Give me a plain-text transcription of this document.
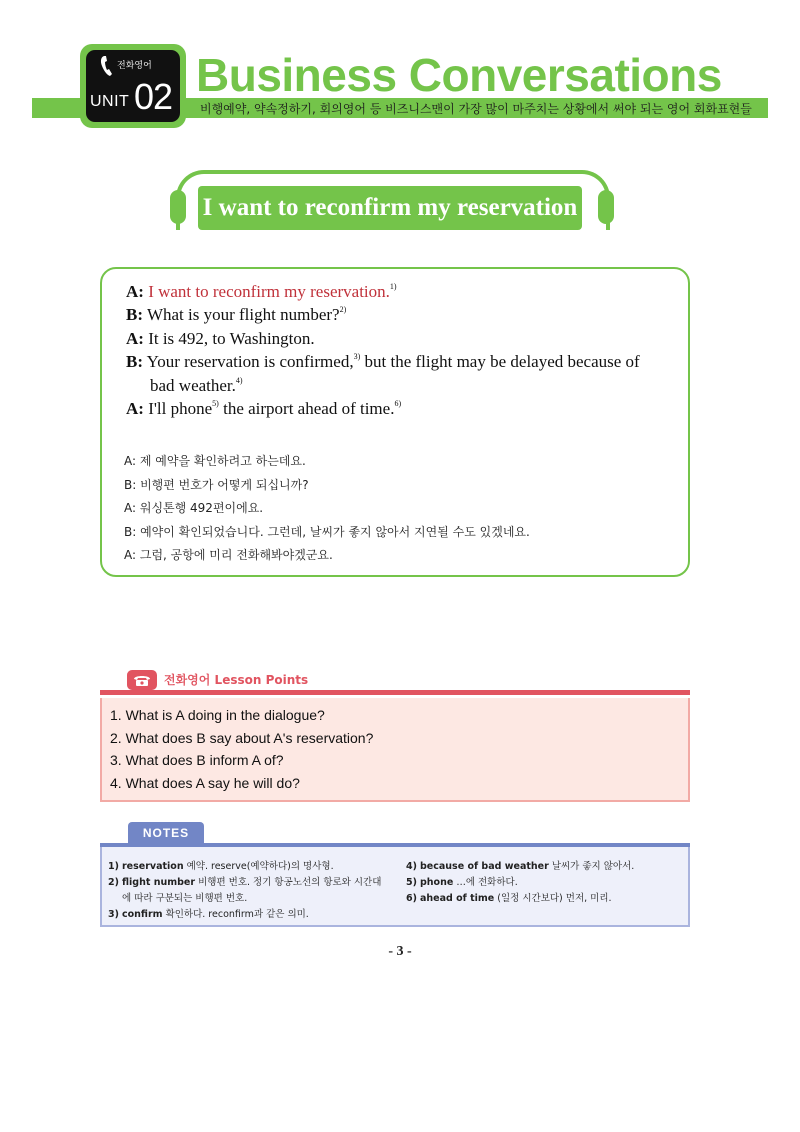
비행예약, 약속정하기, 회의영어 등 비즈니스맨이 가장 많이 마주치는 상황에서 써야 되는 영어 회화표현들
전화영어
UNIT 02 Business Conversations
I want to reconfirm my reservation
A: I want to reconfirm my reservation.$^{1)}$
B: What is your flight number?$^{2)}$
A: It is 492, to Washington.
B: Your reservation is confirmed,$^{3)}$ but the flight may be delayed because of
bad weather.$^{4)}$
A: I'll phone$^{5)}$ the airport ahead of time.$^{6)}$
A: 제 예약을 확인하려고 하는데요.
B: 비행편 번호가 어떻게 되십니까?
A: 워싱톤행 492편이에요.
B: 예약이 확인되었습니다. 그런데, 날씨가 좋지 않아서 지연될 수도 있겠네요.
A: 그럼, 공항에 미리 전화해봐야겠군요.
전화영어 Lesson Points
1. What is A doing in the dialogue?
2. What does B say about A's reservation?
3. What does B inform A of?
4. What does A say he will do?
NOTES
1) reservation 예약. reserve(예약하다)의 명사형.
2) flight number 비행편 번호. 정기 항공노선의 항로와 시간대
에 따라 구분되는 비행편 번호.
3) confirm 확인하다. reconfirm과 같은 의미.
4) because of bad weather 날씨가 좋지 않아서.
5) phone …에 전화하다.
6) ahead of time (일정 시간보다) 먼저, 미리.
- 3 -
